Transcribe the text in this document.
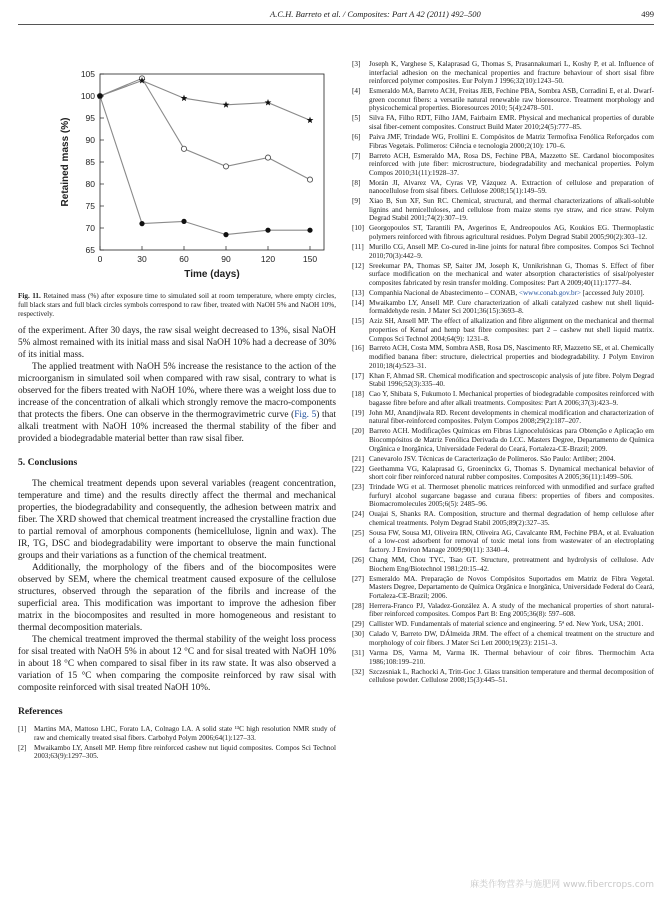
A.C.H. Barreto et al. / Composites: Part A 42 (2011) 492–500	499
65
70
75
80
85
90
95
100
105
0	30	60	90	120	150
Time (days)
Retained mass (%)
Fig. 11. Retained mass (%) after exposure time to simulated soil at room temperature, where empty circles, full black stars and full black circles symbols correspond to raw fiber, treated with NaOH 5% and NaOH 10%, respectively.

of the experiment. After 30 days, the raw sisal weight decreased to 13%, sisal NaOH 5% almost remained with its initial mass and sisal NaOH 10% had a decrease of 30% of its initial mass.

The applied treatment with NaOH 5% increase the resistance to the action of the microorganism in simulated soil when compared with raw sisal, contrary to what is observed for the fibers treated with NaOH 10%, where there was a weight loss due to increase of the concentration of alkali which strongly remove the macro-components that protects the fibers. One can observe in the thermogravimetric curve (Fig. 5) that alkali treatment with NaOH 10% increased the thermal stability of the fiber and provided a biodegradable material better than raw sisal fiber.

5. Conclusions

The chemical treatment depends upon several variables (reagent concentration, temperature and time) and the results directly affect the thermal and mechanical properties, the biodegradability and consequently, the adhesion between matrix and fiber. The XRD showed that chemical treatment increased the crystalline fraction due to partial removal of amorphous components (hemicellulose, lignin and wax). The IR, TG, DSC and biodegradability were important to observe the main functional groups and their variations as a function of the chemical treatment.

Additionally, the morphology of the fibers and of the biocomposites were observed by SEM, where the chemical treatment caused exposure of the cellulose structures, observed through the separation of the fibrils and increase of the superficial area. This modification was important to improve the adhesion fiber matrix in the biocomposites and resulted in more homogeneous and resistant to thermal decomposition materials.

The chemical treatment improved the thermal stability of the weight loss process for sisal treated with NaOH 5% in about 12 °C and for sisal treated with NaOH 10% in about 18 °C when compared to sisal fiber in its raw state. It was also observed a variation of 15 °C when comparing the composite reinforced by raw sisal with composite reinforced with sisal treated NaOH 10%.

References
[1]	Martins MA, Mattoso LHC, Forato LA, Colnago LA. A solid state ¹³C high resolution NMR study of raw and chemically treated sisal fibers. Carbohyd Polym 2006;64(1):127–33.
[2]	Mwaikambo LY, Ansell MP. Hemp fibre reinforced cashew nut liquid composites. Compos Sci Technol 2003;63(9):1297–305.
[3]	Joseph K, Varghese S, Kalaprasad G, Thomas S, Prasannakumari L, Koshy P, et al. Influence of interfacial adhesion on the mechanical properties and fracture behaviour of short sisal fibre reinforced polymer composites. Eur Polym J 1996;32(10):1243–50.
[4]	Esmeraldo MA, Barreto ACH, Freitas JEB, Fechine PBA, Sombra ASB, Corradini E, et al. Dwarf-green coconut fibers: a versatile natural renewable raw bioresource. Treatment morphology and physicochemical properties. Bioresources 2010; 5(4):2478–501.
[5]	Silva FA, Filho RDT, Filho JAM, Fairbairn EMR. Physical and mechanical properties of durable sisal fiber-cement composites. Construct Build Mater 2010;24(5):777–85.
[6]	Paiva JMF, Trindade WG, Frollini E. Compósitos de Matriz Termofixa Fenólica Reforçados com Fibras Vegetais. Polímeros: Ciência e tecnologia 2000;2(10): 170–6.
[7]	Barreto ACH, Esmeraldo MA, Rosa DS, Fechine PBA, Mazzetto SE. Cardanol biocomposites reinforced with jute fiber: microstructure, biodegradability and mechanical properties. Polym Compos 2010;31(11):1928–37.
[8]	Morán JI, Alvarez VA, Cyras VP, Vázquez A. Extraction of cellulose and preparation of nanocellulose from sisal fibers. Cellulose 2008;15(1):149–59.
[9]	Xiao B, Sun XF, Sun RC. Chemical, structural, and thermal characterizations of alkali-soluble lignins and hemicelluloses, and cellulose from maize stems rye straw, and rice straw. Polym Degrad Stabil 2001;74(2):307–19.
[10] Georgopoulos ST, Tarantili PA, Avgerinos E, Andreopoulos AG, Koukios EG. Thermoplastic polymers reinforced with fibrous agricultural residues. Polym Degrad Stabil 2005;90(2):303–12.
[11] Murillo CG, Ansell MP. Co-cured in-line joints for natural fibre composites. Compos Sci Technol 2010;70(3):442–9.
[12] Sreekumar PA, Thomas SP, Saiter JM, Joseph K, Unnikrishnan G, Thomas S. Effect of fiber surface modification on the mechanical and water absorption characteristics of sisal/polyester composites fabricated by resin transfer molding. Composites: Part A 2009;40(11):1777–84.
[13] Companhia Nacional de Abastecimento – CONAB, <www.conab.gov.br> [accessed July 2010].
[14] Mwaikambo LY, Ansell MP. Cure characterization of alkali catalyzed cashew nut shell liquid-formaldehyde resin. J Mater Sci 2001;36(15):3693–8.
[15] Aziz SH, Ansell MP. The effect of alkalization and fibre alignment on the mechanical and thermal properties of Kenaf and hemp bast fibre composites: part 2 – cashew nut shell liquid matrix. Compos Sci Technol 2004;64(9): 1231–8.
[16] Barreto ACH, Costa MM, Sombra ASB, Rosa DS, Nascimento RF, Mazzetto SE, et al. Chemically modified banana fiber: structure, dielectrical properties and biodegradability. J Polym Environ 2010;18(4):523–31.
[17] Khan F, Ahmad SR. Chemical modification and spectroscopic analysis of jute fibre. Polym Degrad Stabil 1996;52(3):335–40.
[18] Cao Y, Shibata S, Fukumoto I. Mechanical properties of biodegradable composites reinforced with bagasse fibre before and after alkali treatments. Composites: Part A 2006;37(3):423–9.
[19] John MJ, Anandjiwala RD. Recent developments in chemical modification and characterization of natural fiber-reinforced composites. Polym Compos 2008;29(2):187–207.
[20] Barreto ACH. Modificações Químicas em Fibras Lignocelulósicas para Obtenção e Aplicação em Biocompósitos de Matriz Fenólica Derivada do LCC. Masters Degree, Departamento de Química Orgânica e Inorgânica, Universidade Federal do Ceará, Fortaleza-CE-Brazil; 2009.
[21] Canevarolo JSV. Técnicas de Caracterização de Polímeros. São Paulo: Artliber; 2004.
[22] Geethamma VG, Kalaprasad G, Groeninckx G, Thomas S. Dynamical mechanical behavior of short coir fiber reinforced natural rubber composites. Composites A 2005;36(11):1499–506.
[23] Trindade WG et al. Thermoset phenolic matrices reinforced with unmodified and surface grafted furfuryl alcohol sugarcane bagasse and curaua fibers: properties of fibers and composites. Biomacromolecules 2005;6(5): 2485–96.
[24] Ouajai S, Shanks RA. Composition, structure and thermal degradation of hemp cellulose after chemical treatments. Polym Degrad Stabil 2005;89(2):327–35.
[25] Sousa FW, Sousa MJ, Oliveira IRN, Oliveira AG, Cavalcante RM, Fechine PBA, et al. Evaluation of a low-cost adsorbent for removal of toxic metal ions from wastewater of an electroplating factory. J Environ Manage 2009;90(11): 3340–4.
[26] Chang MM, Chou TYC, Tsao GT. Structure, pretreatment and hydrolysis of cellulose. Adv Biochem Eng/Biotechnol 1981;20:15–42.
[27] Esmeraldo MA. Preparação de Novos Compósitos Suportados em Matriz de Fibra Vegetal. Masters Degree, Departamento de Química Orgânica e Inorgânica, Universidade Federal do Ceará, Fortaleza-CE-Brazil; 2006.
[28] Herrera-Franco PJ, Valadez-González A. A study of the mechanical properties of short natural-fiber reinforced composites. Compos Part B: Eng 2005;36(8): 597–608.
[29] Callister WD. Fundamentals of material science and engineering. 5ª ed. New York, USA; 2001.
[30] Calado V, Barreto DW, DÁlmeida JRM. The effect of a chemical treatment on the structure and morphology of coir fibers. J Mater Sci Lett 2000;19(23): 2151–3.
[31] Varma DS, Varma M, Varma IK. Thermal behaviour of coir fibres. Thermochim Acta 1986;108:199–210.
[32] Szczesniak L, Rachocki A, Tritt-Goc J. Glass transition temperature and thermal decomposition of cellulose powder. Cellulose 2008;15(3):445–51.
麻类作物营养与施肥网 www.fibercrops.com
